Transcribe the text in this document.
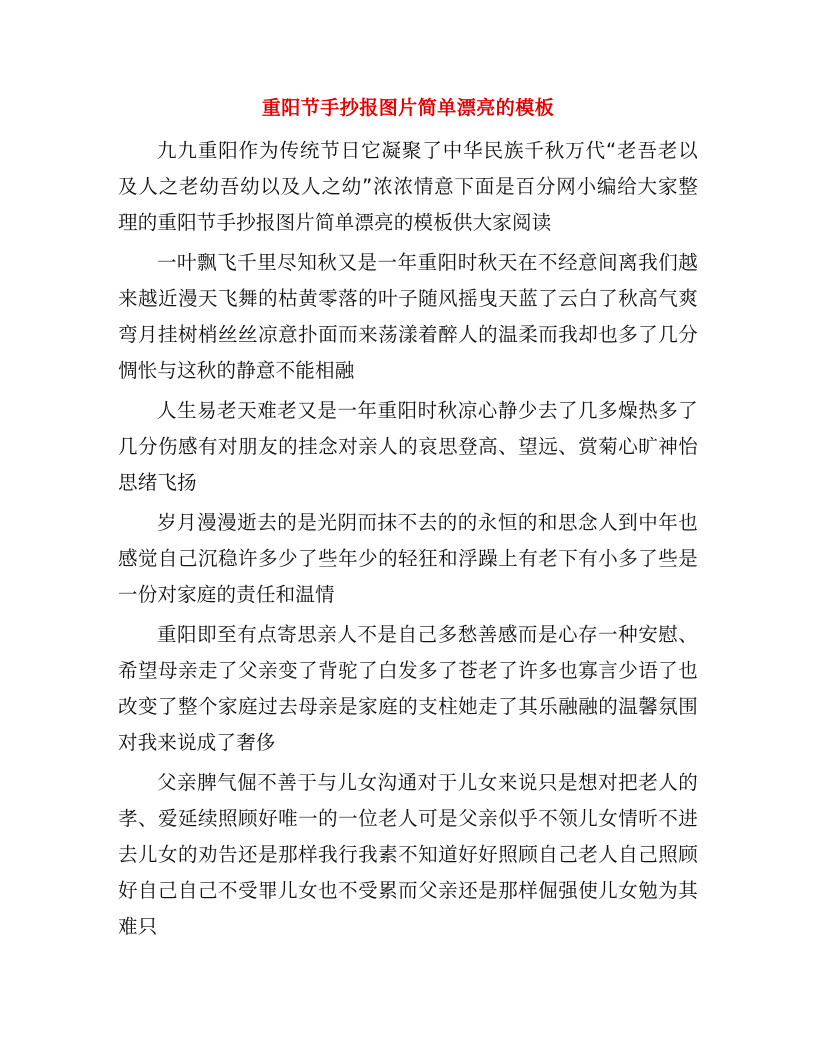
重阳节手抄报图片简单漂亮的模板

九九重阳作为传统节日它凝聚了中华民族千秋万代“老吾老以及人之老幼吾幼以及人之幼”浓浓情意下面是百分网小编给大家整理的重阳节手抄报图片简单漂亮的模板供大家阅读

一叶飘飞千里尽知秋又是一年重阳时秋天在不经意间离我们越来越近漫天飞舞的枯黄零落的叶子随风摇曳天蓝了云白了秋高气爽弯月挂树梢丝丝凉意扑面而来荡漾着醉人的温柔而我却也多了几分惆怅与这秋的静意不能相融

人生易老天难老又是一年重阳时秋凉心静少去了几多燥热多了几分伤感有对朋友的挂念对亲人的哀思登高、望远、赏菊心旷神怡思绪飞扬

岁月漫漫逝去的是光阴而抹不去的的永恒的和思念人到中年也感觉自己沉稳许多少了些年少的轻狂和浮躁上有老下有小多了些是一份对家庭的责任和温情

重阳即至有点寄思亲人不是自己多愁善感而是心存一种安慰、希望母亲走了父亲变了背驼了白发多了苍老了许多也寡言少语了也改变了整个家庭过去母亲是家庭的支柱她走了其乐融融的温馨氛围对我来说成了奢侈

父亲脾气倔不善于与儿女沟通对于儿女来说只是想对把老人的孝、爱延续照顾好唯一的一位老人可是父亲似乎不领儿女情听不进去儿女的劝告还是那样我行我素不知道好好照顾自己老人自己照顾好自己自己不受罪儿女也不受累而父亲还是那样倔强使儿女勉为其难只
